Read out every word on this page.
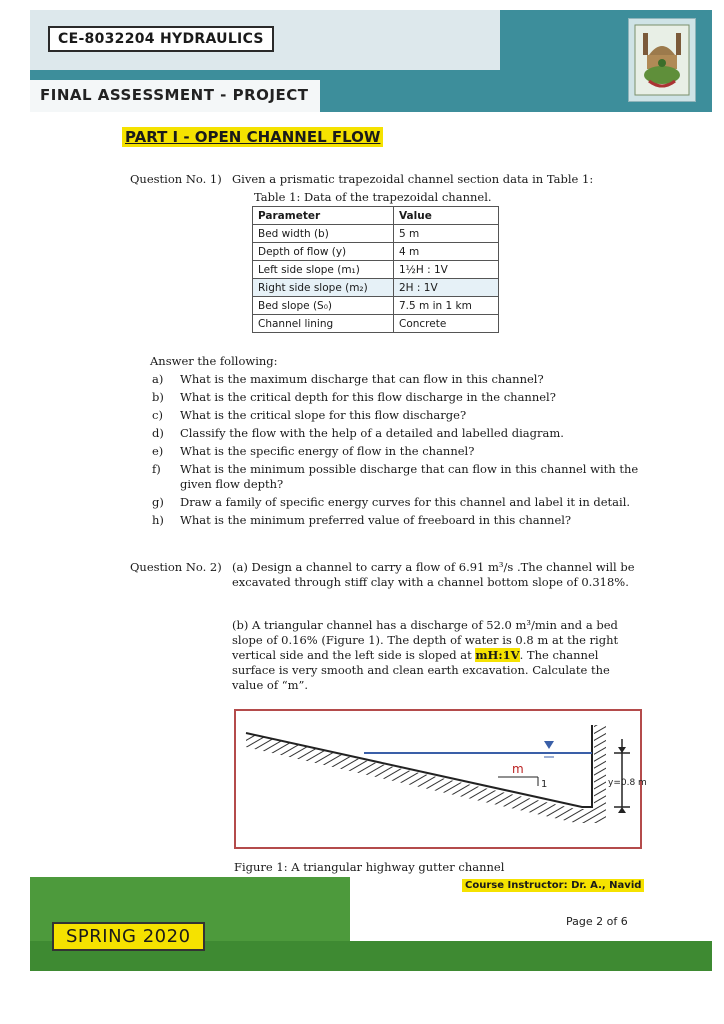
CE-8032204 HYDRAULICS
FINAL ASSESSMENT - PROJECT
PART I - OPEN CHANNEL FLOW
Question No. 1) Given a prismatic trapezoidal channel section data in Table 1:
Table 1: Data of the trapezoidal channel.
Parameter	Value
Bed width (b)	5 m
Depth of flow (y)	4 m
Left side slope (m₁)	1½H : 1V
Right side slope (m₂)	2H : 1V
Bed slope (S₀)	7.5 m in 1 km
Channel lining	Concrete
Answer the following:
a)	What is the maximum discharge that can flow in this channel?
b)	What is the critical depth for this flow discharge in the channel?
c)	What is the critical slope for this flow discharge?
d)	Classify the flow with the help of a detailed and labelled diagram.
e)	What is the specific energy of flow in the channel?
f)	What is the minimum possible discharge that can flow in this channel with the given flow depth?
g)	Draw a family of specific energy curves for this channel and label it in detail.
h)	What is the minimum preferred value of freeboard in this channel?
Question No. 2) (a) Design a channel to carry a flow of 6.91 m³/s .The channel will be excavated through stiff clay with a channel bottom slope of 0.318%.
(b) A triangular channel has a discharge of 52.0 m³/min and a bed slope of 0.16% (Figure 1). The depth of water is 0.8 m at the right vertical side and the left side is sloped at mH:1V. The channel surface is very smooth and clean earth excavation. Calculate the value of “m”.
m
1	y=0.8 m
Figure 1: A triangular highway gutter channel
Course Instructor: Dr. A., Navid
Page 2 of 6
SPRING 2020
